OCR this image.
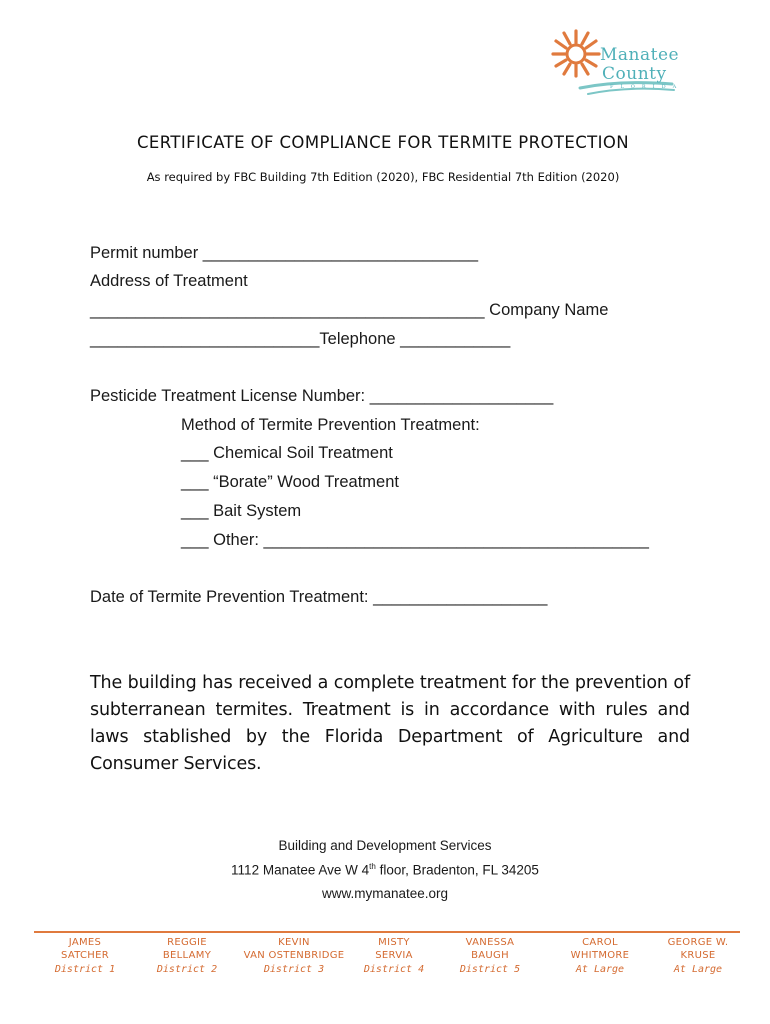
Manatee
County
FLORIDA
CERTIFICATE OF COMPLIANCE FOR TERMITE PROTECTION
As required by FBC Building 7th Edition (2020), FBC Residential 7th Edition (2020)
Permit number ______________________________
Address of Treatment
___________________________________________ Company Name
_________________________Telephone ____________
Pesticide Treatment License Number: ____________________
Method of Termite Prevention Treatment:
___ Chemical Soil Treatment
___ “Borate” Wood Treatment
___ Bait System
___ Other: __________________________________________
Date of Termite Prevention Treatment: ___________________
The building has received a complete treatment for the prevention of subterranean termites. Treatment is in accordance with rules and laws stablished by the Florida Department of Agriculture and Consumer Services.
Building and Development Services
1112 Manatee Ave W 4th floor, Bradenton, FL 34205
www.mymanatee.org
JAMES
SATCHER
District 1
REGGIE
BELLAMY
District 2
KEVIN
VAN OSTENBRIDGE
District 3
MISTY
SERVIA
District 4
VANESSA
BAUGH
District 5
CAROL
WHITMORE
At Large
GEORGE W.
KRUSE
At Large
